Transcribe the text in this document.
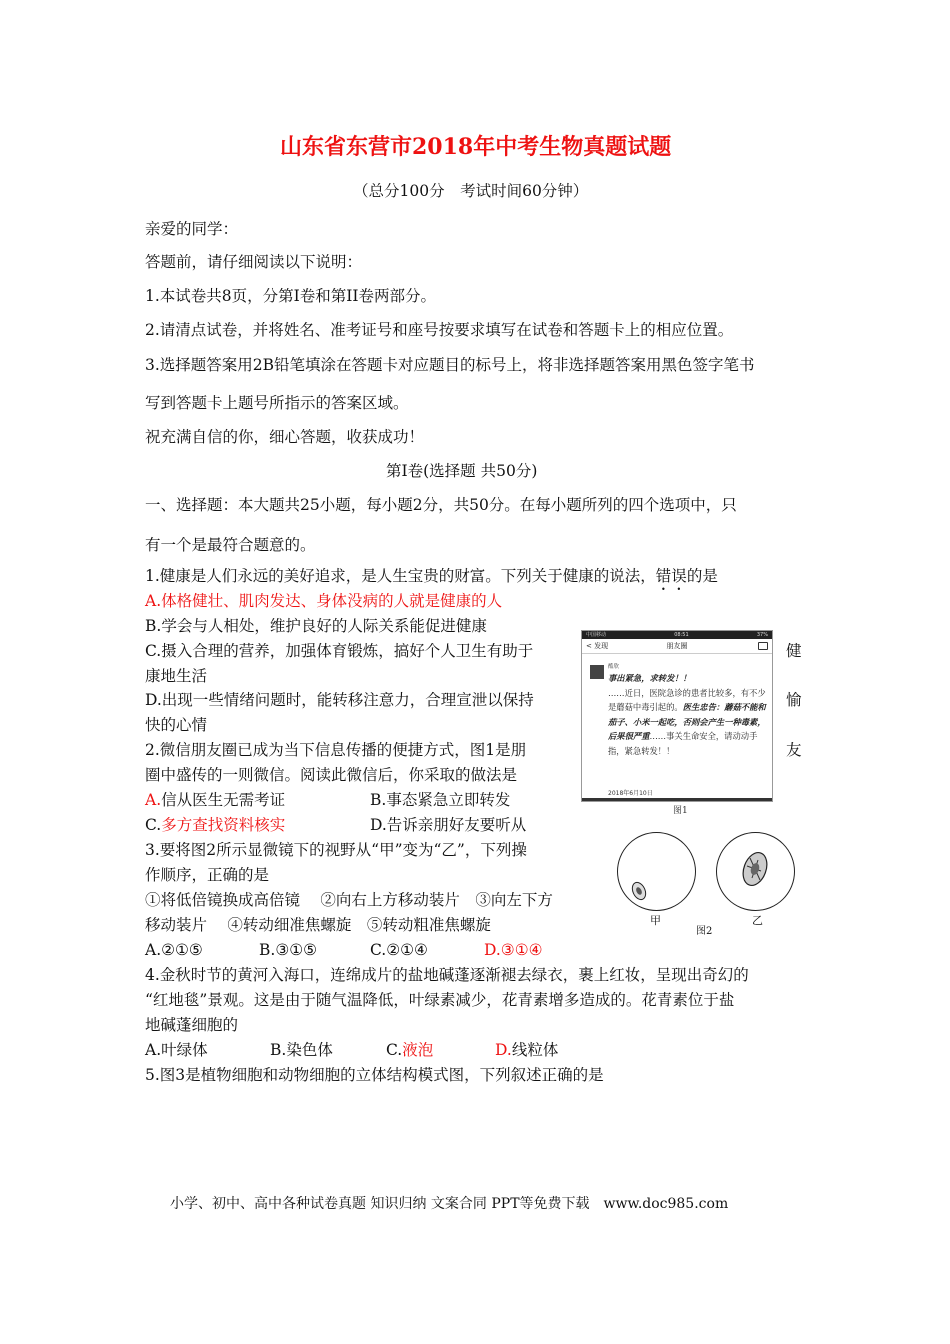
山东省东营市2018年中考生物真题试题
（总分100分　考试时间60分钟）
亲爱的同学：
答题前，请仔细阅读以下说明：
1.本试卷共8页，分第I卷和第II卷两部分。
2.请清点试卷，并将姓名、准考证号和座号按要求填写在试卷和答题卡上的相应位置。
3.选择题答案用2B铅笔填涂在答题卡对应题目的标号上，将非选择题答案用黑色签字笔书
写到答题卡上题号所指示的答案区域。
祝充满自信的你，细心答题，收获成功！
第Ⅰ卷(选择题 共50分)
一、选择题：本大题共25小题，每小题2分，共50分。在每小题所列的四个选项中，只
有一个是最符合题意的。
1.健康是人们永远的美好追求，是人生宝贵的财富。下列关于健康的说法，错误的是
A.体格健壮、肌肉发达、身体没病的人就是健康的人
B.学会与人相处，维护良好的人际关系能促进健康
C.摄入合理的营养，加强体育锻炼，搞好个人卫生有助于	健
康地生活
D.出现一些情绪问题时，能转移注意力，合理宣泄以保持	愉
快的心情
2.微信朋友圈已成为当下信息传播的便捷方式，图1是朋	友
圈中盛传的一则微信。阅读此微信后，你采取的做法是
A.信从医生无需考证	B.事态紧急立即转发
C.多方查找资料核实	D.告诉亲朋好友要听从
中国移动	08:51	37%
< 发现	朋友圈
酷欣
事出紧急，求转发！！
……近日，医院急诊的患者比较多，有不少是蘑菇中毒引起的。医生忠告：蘑菇不能和茄子、小米一起吃，否则会产生一种毒素，后果很严重……事关生命安全，请动动手指，紧急转发！！
2018年6月10日
图1
3.要将图2所示显微镜下的视野从“甲”变为“乙”，下列操
作顺序，正确的是
①将低倍镜换成高倍镜　 ②向右上方移动装片　③向左下方
移动装片　 ④转动细准焦螺旋　⑤转动粗准焦螺旋
A.②①⑤	B.③①⑤	C.②①④	D.③①④
甲
图2
乙
4.金秋时节的黄河入海口，连绵成片的盐地碱蓬逐渐褪去绿衣，裹上红妆，呈现出奇幻的
“红地毯”景观。这是由于随气温降低，叶绿素减少，花青素增多造成的。花青素位于盐
地碱蓬细胞的
A.叶绿体	B.染色体	C.液泡	D.线粒体
5.图3是植物细胞和动物细胞的立体结构模式图，下列叙述正确的是
小学、初中、高中各种试卷真题 知识归纳 文案合同 PPT等免费下载　www.doc985.com
